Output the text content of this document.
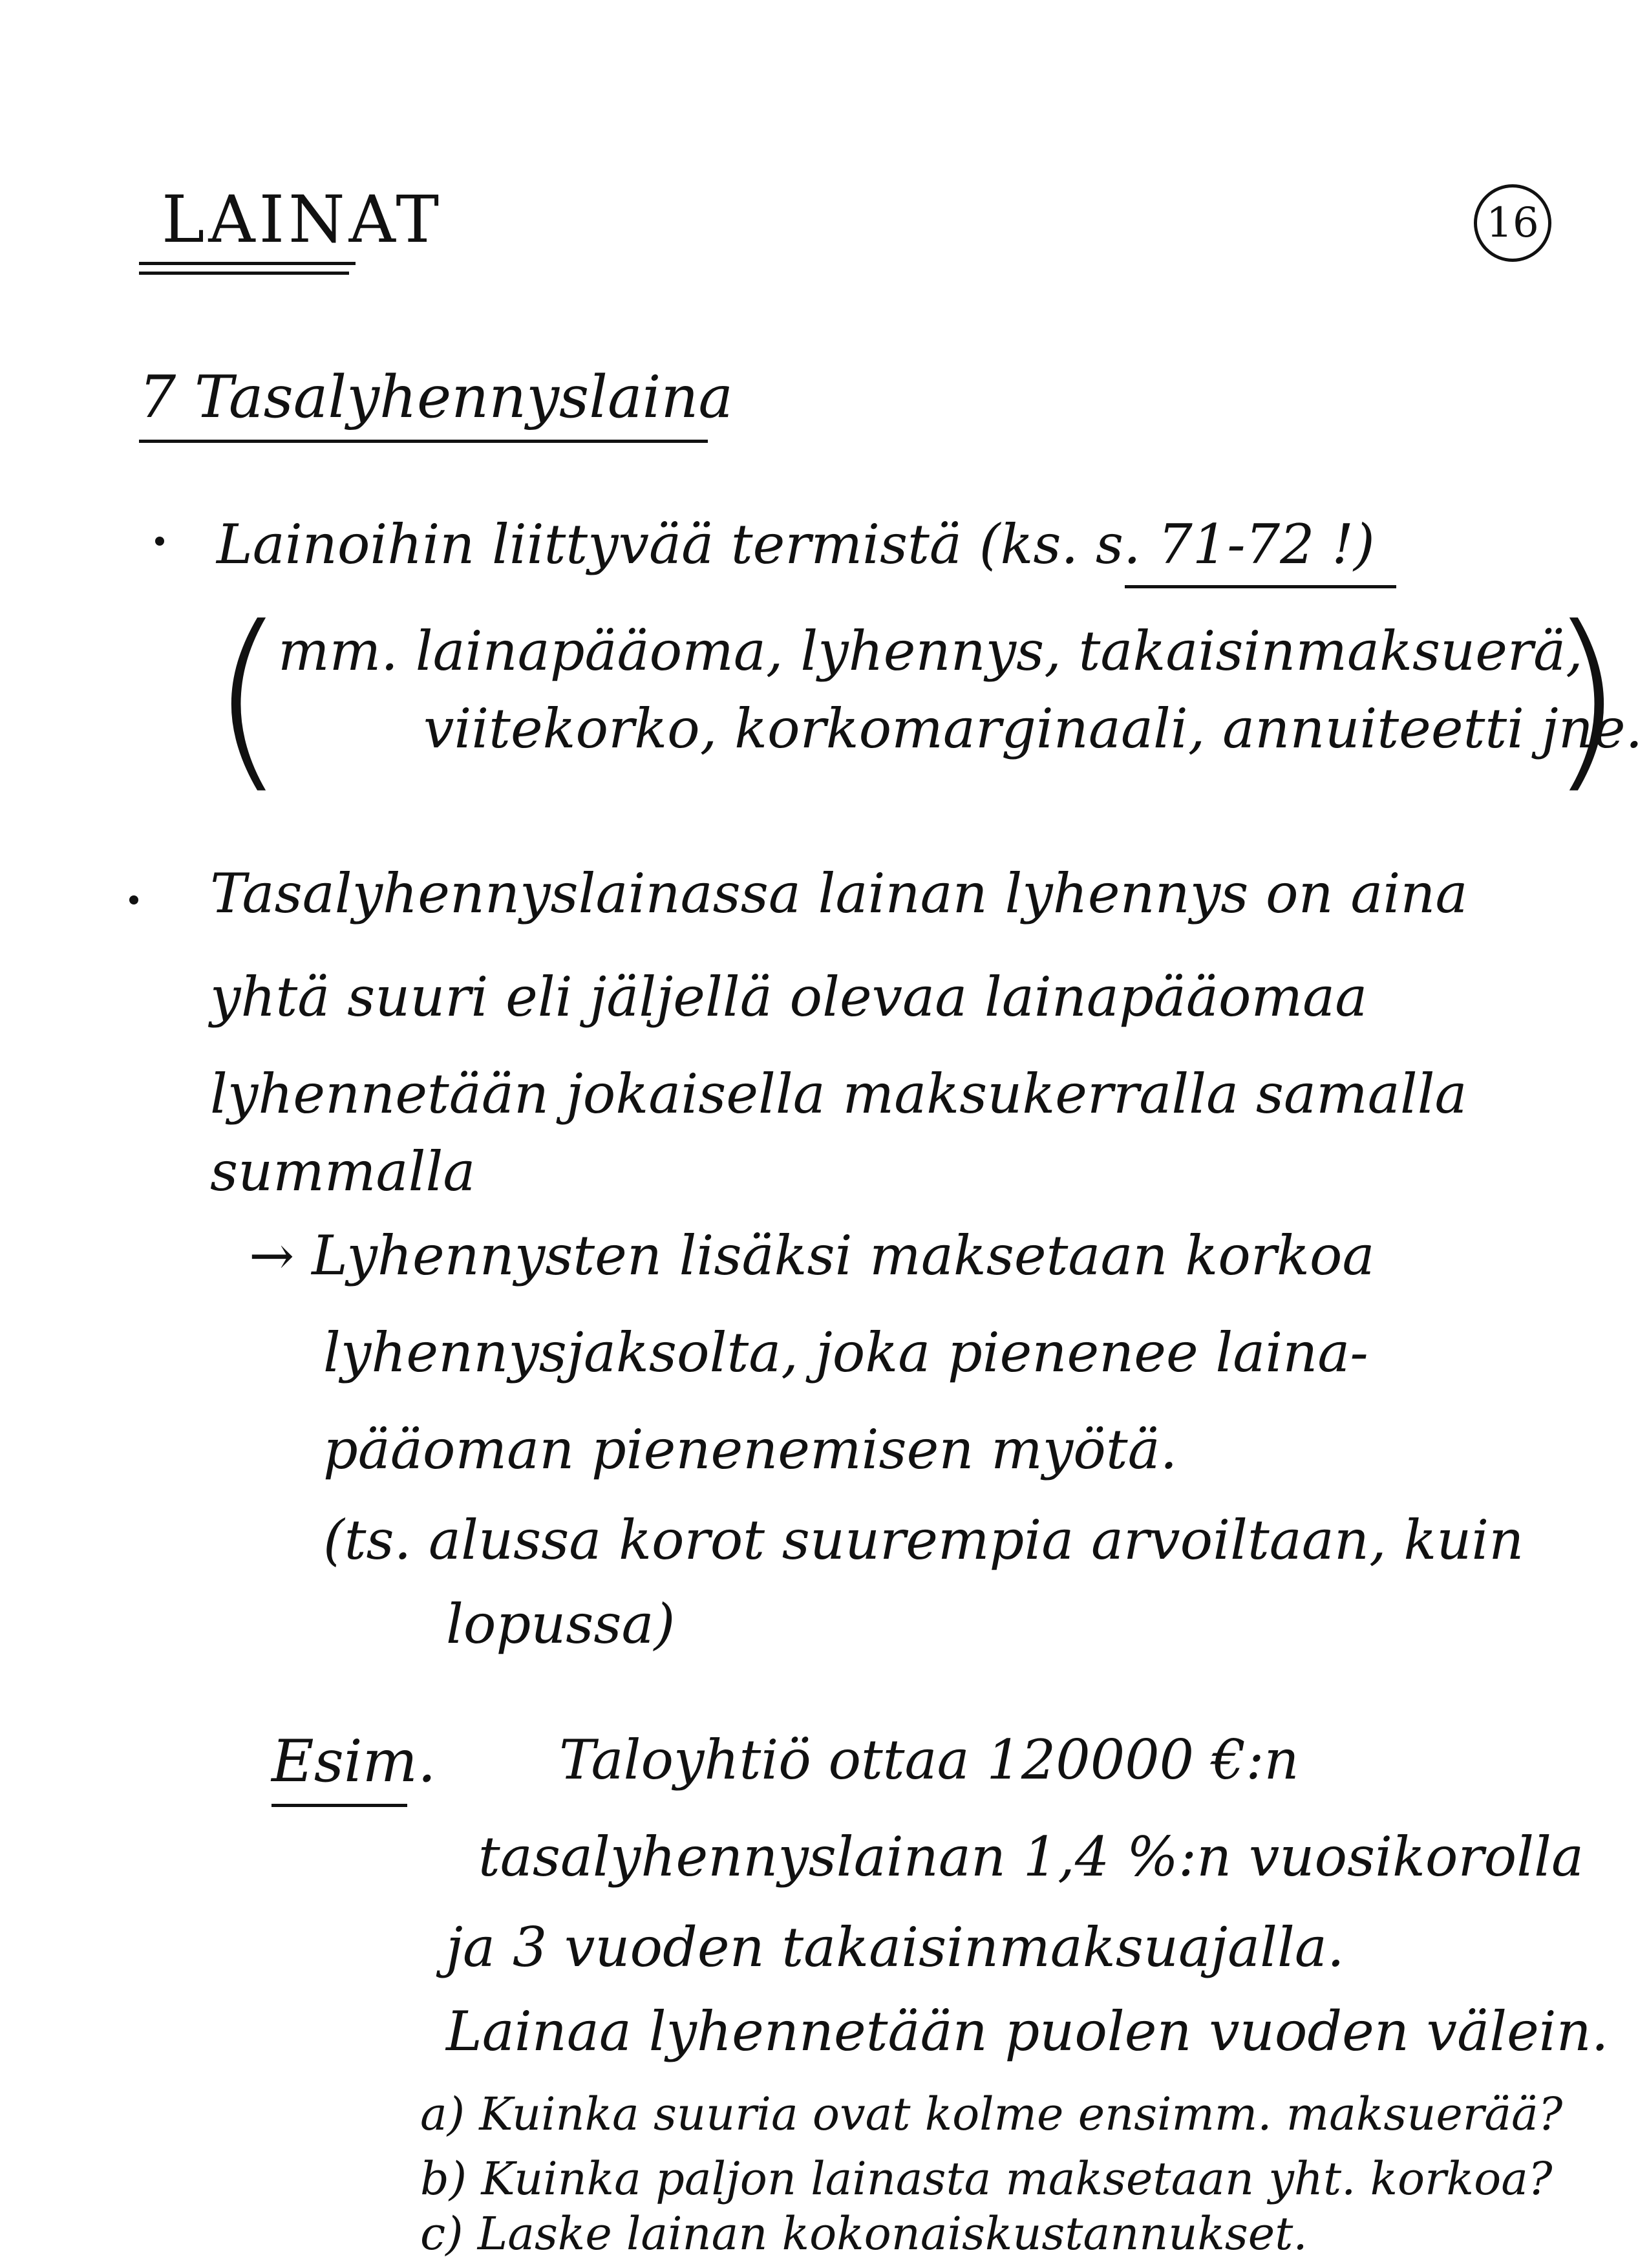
LAINAT	16
7 Tasalyhennyslaina
Lainoihin liittyvää termistä (ks. s. 71-72 !)
(
mm. lainapääoma, lyhennys, takaisinmaksuerä,
viitekorko, korkomarginaali, annuiteetti jne.
)
Tasalyhennyslainassa lainan lyhennys on aina
yhtä suuri eli jäljellä olevaa lainapääomaa
lyhennetään jokaisella maksukerralla samalla
summalla
→ Lyhennysten lisäksi maksetaan korkoa
lyhennysjaksolta, joka pienenee laina-
pääoman pienenemisen myötä.
(ts. alussa korot suurempia arvoiltaan, kuin
lopussa)
Esim. Taloyhtiö ottaa 120000 €:n
tasalyhennyslainan 1,4 %:n vuosikorolla
ja 3 vuoden takaisinmaksuajalla.
Lainaa lyhennetään puolen vuoden välein.
a) Kuinka suuria ovat kolme ensimm. maksuerää?
b) Kuinka paljon lainasta maksetaan yht. korkoa?
c) Laske lainan kokonaiskustannukset.
